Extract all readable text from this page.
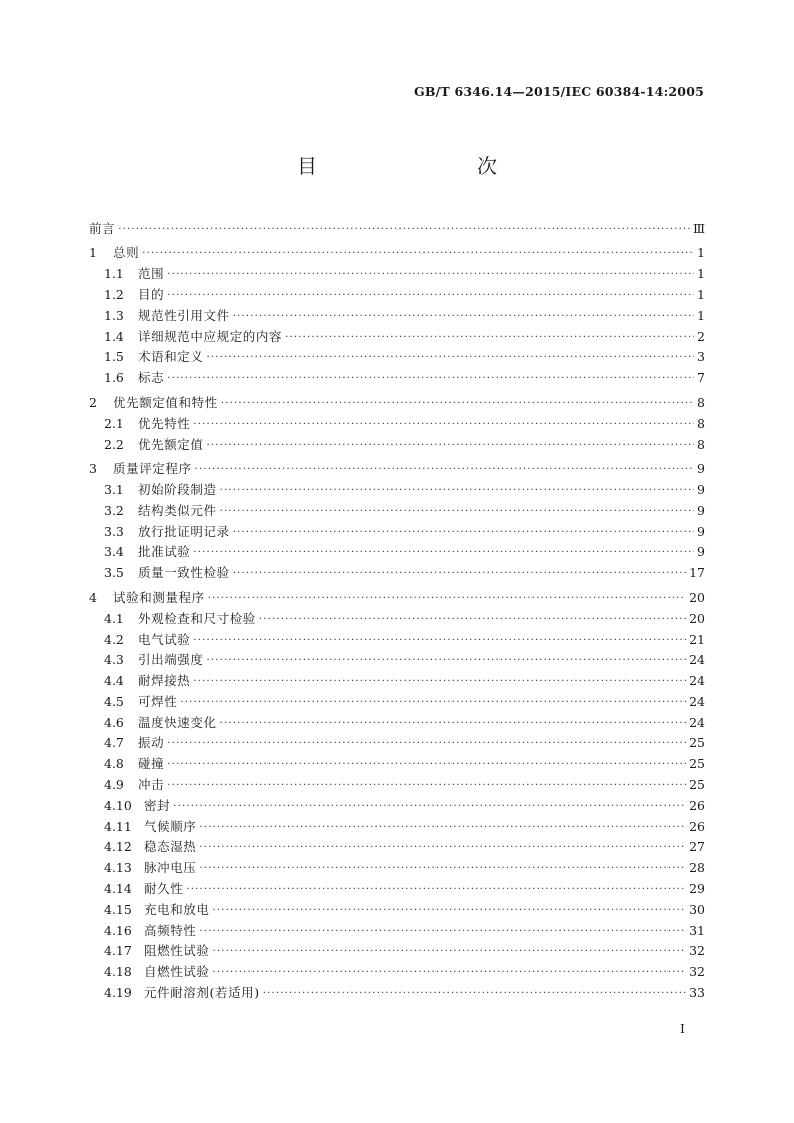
GB/T 6346.14—2015/IEC 60384-14:2005
目　　次
前言 ·····	Ⅲ
1	总则 ·····	1
1.1	范围 ·····	1
1.2	目的 ·····	1
1.3	规范性引用文件 ·····	1
1.4	详细规范中应规定的内容 ·····	2
1.5	术语和定义 ·····	3
1.6	标志 ·····	7
2	优先额定值和特性 ·····	8
2.1	优先特性 ·····	8
2.2	优先额定值 ·····	8
3	质量评定程序 ·····	9
3.1	初始阶段制造 ·····	9
3.2	结构类似元件 ·····	9
3.3	放行批证明记录 ·····	9
3.4	批准试验 ·····	9
3.5	质量一致性检验 ·····	17
4	试验和测量程序 ·····	20
4.1	外观检查和尺寸检验 ·····	20
4.2	电气试验 ·····	21
4.3	引出端强度 ·····	24
4.4	耐焊接热 ·····	24
4.5	可焊性 ·····	24
4.6	温度快速变化 ·····	24
4.7	振动 ·····	25
4.8	碰撞 ·····	25
4.9	冲击 ·····	25
4.10 密封 ·····	26
4.11 气候顺序 ·····	26
4.12 稳态湿热 ·····	27
4.13 脉冲电压 ·····	28
4.14 耐久性 ·····	29
4.15 充电和放电 ·····	30
4.16 高频特性 ·····	31
4.17 阻燃性试验 ·····	32
4.18 自燃性试验 ·····	32
4.19 元件耐溶剂(若适用) ·····	33
I
